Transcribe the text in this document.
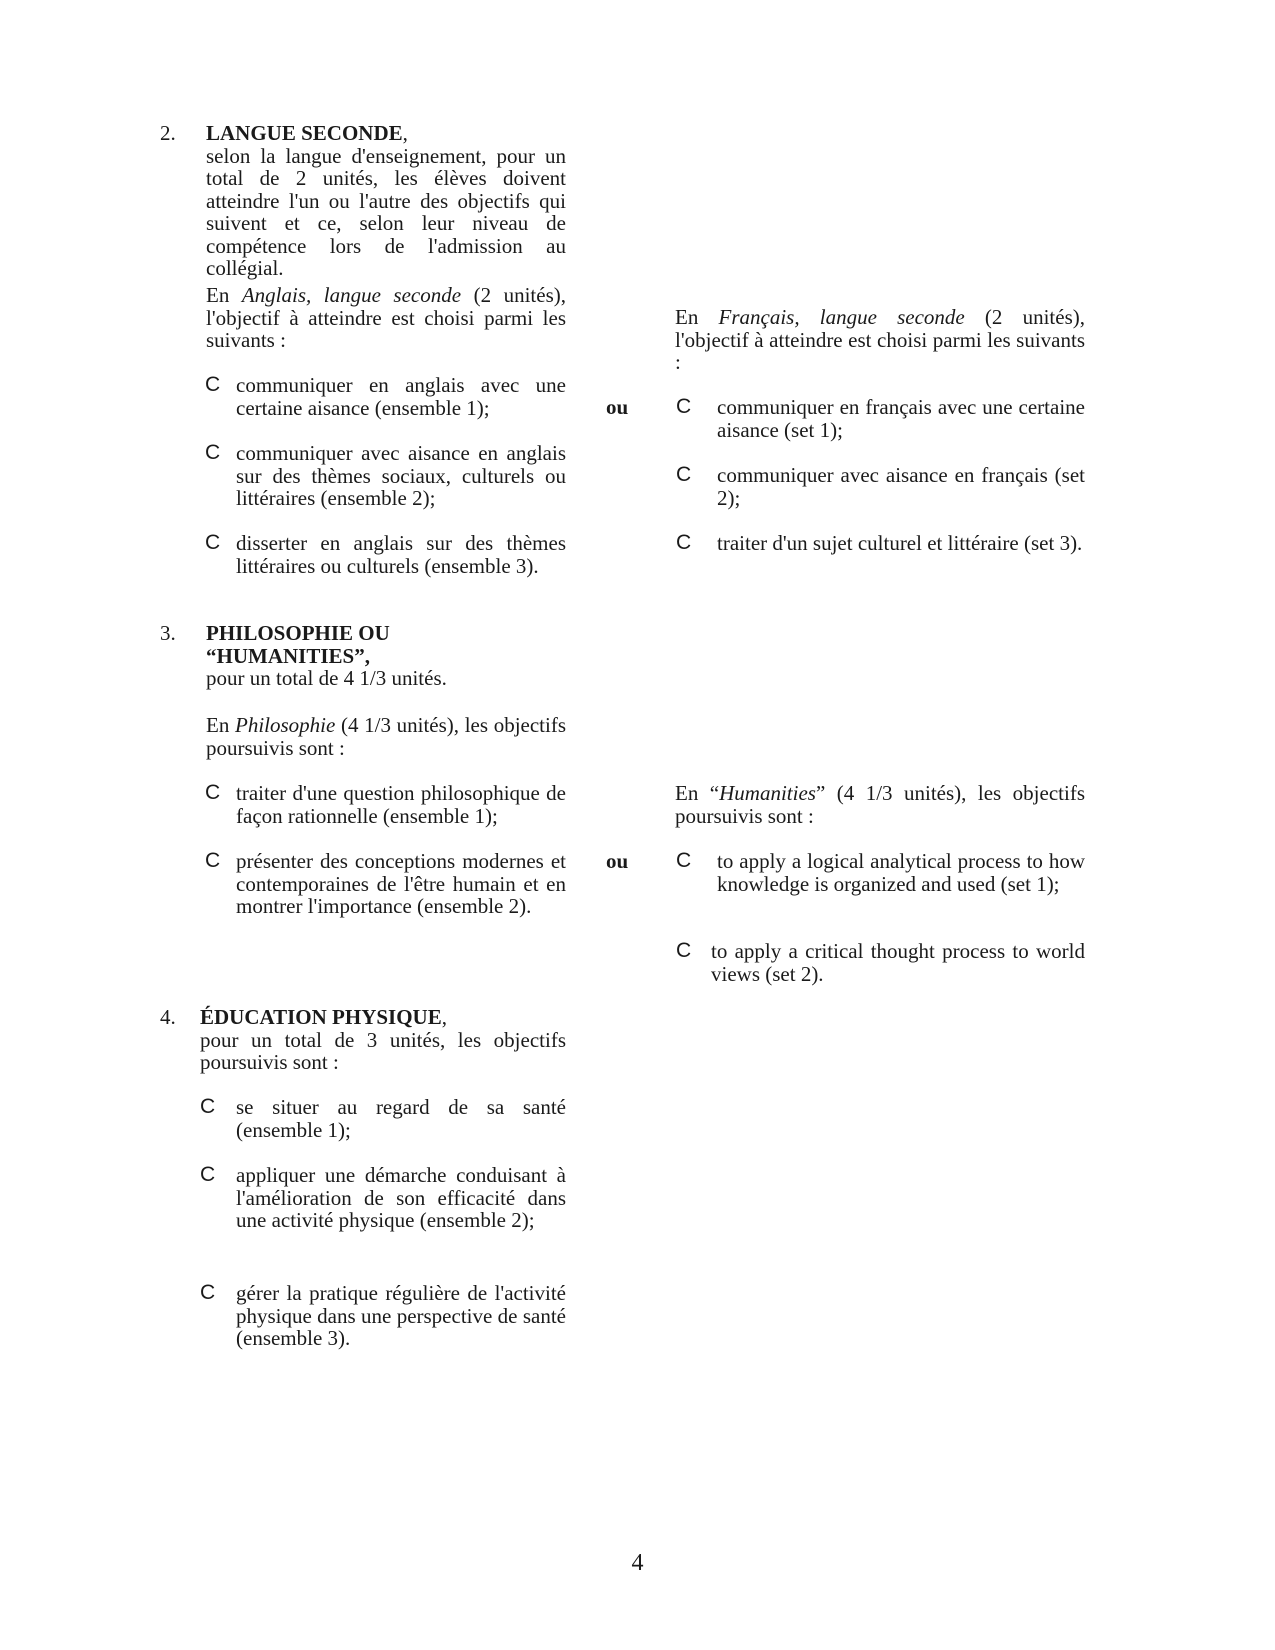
2. LANGUE SECONDE,

selon la langue d'enseignement, pour un total de 2 unités, les élèves doivent atteindre l'un ou l'autre des objectifs qui suivent et ce, selon leur niveau de compétence lors de l'admission au collégial.

En Anglais, langue seconde (2 unités), l'objectif à atteindre est choisi parmi les suivants :
C communiquer en anglais avec une certaine aisance (ensemble 1);
C communiquer avec aisance en anglais sur des thèmes sociaux, culturels ou littéraires (ensemble 2);
C disserter en anglais sur des thèmes littéraires ou culturels (ensemble 3).
En Français, langue seconde (2 unités), l'objectif à atteindre est choisi parmi les suivants :
ou C communiquer en français avec une certaine aisance (set 1);
C communiquer avec aisance en français (set 2);
C traiter d'un sujet culturel et littéraire (set 3).
3. PHILOSOPHIE OU

“HUMANITIES”,

pour un total de 4 1/3 unités.

En Philosophie (4 1/3 unités), les objectifs poursuivis sont :
C traiter d'une question philosophique de façon rationnelle (ensemble 1);
C présenter des conceptions modernes et contemporaines de l'être humain et en montrer l'importance (ensemble 2).
En “Humanities” (4 1/3 unités), les objectifs poursuivis sont :
ou C to apply a logical analytical process to how knowledge is organized and used (set 1);
C to apply a critical thought process to world views (set 2).
4. ÉDUCATION PHYSIQUE,

pour un total de 3 unités, les objectifs poursuivis sont :

C se situer au regard de sa santé (ensemble 1);
C appliquer une démarche conduisant à l'amélioration de son efficacité dans une activité physique (ensemble 2);
C gérer la pratique régulière de l'activité physique dans une perspective de santé (ensemble 3).
4
